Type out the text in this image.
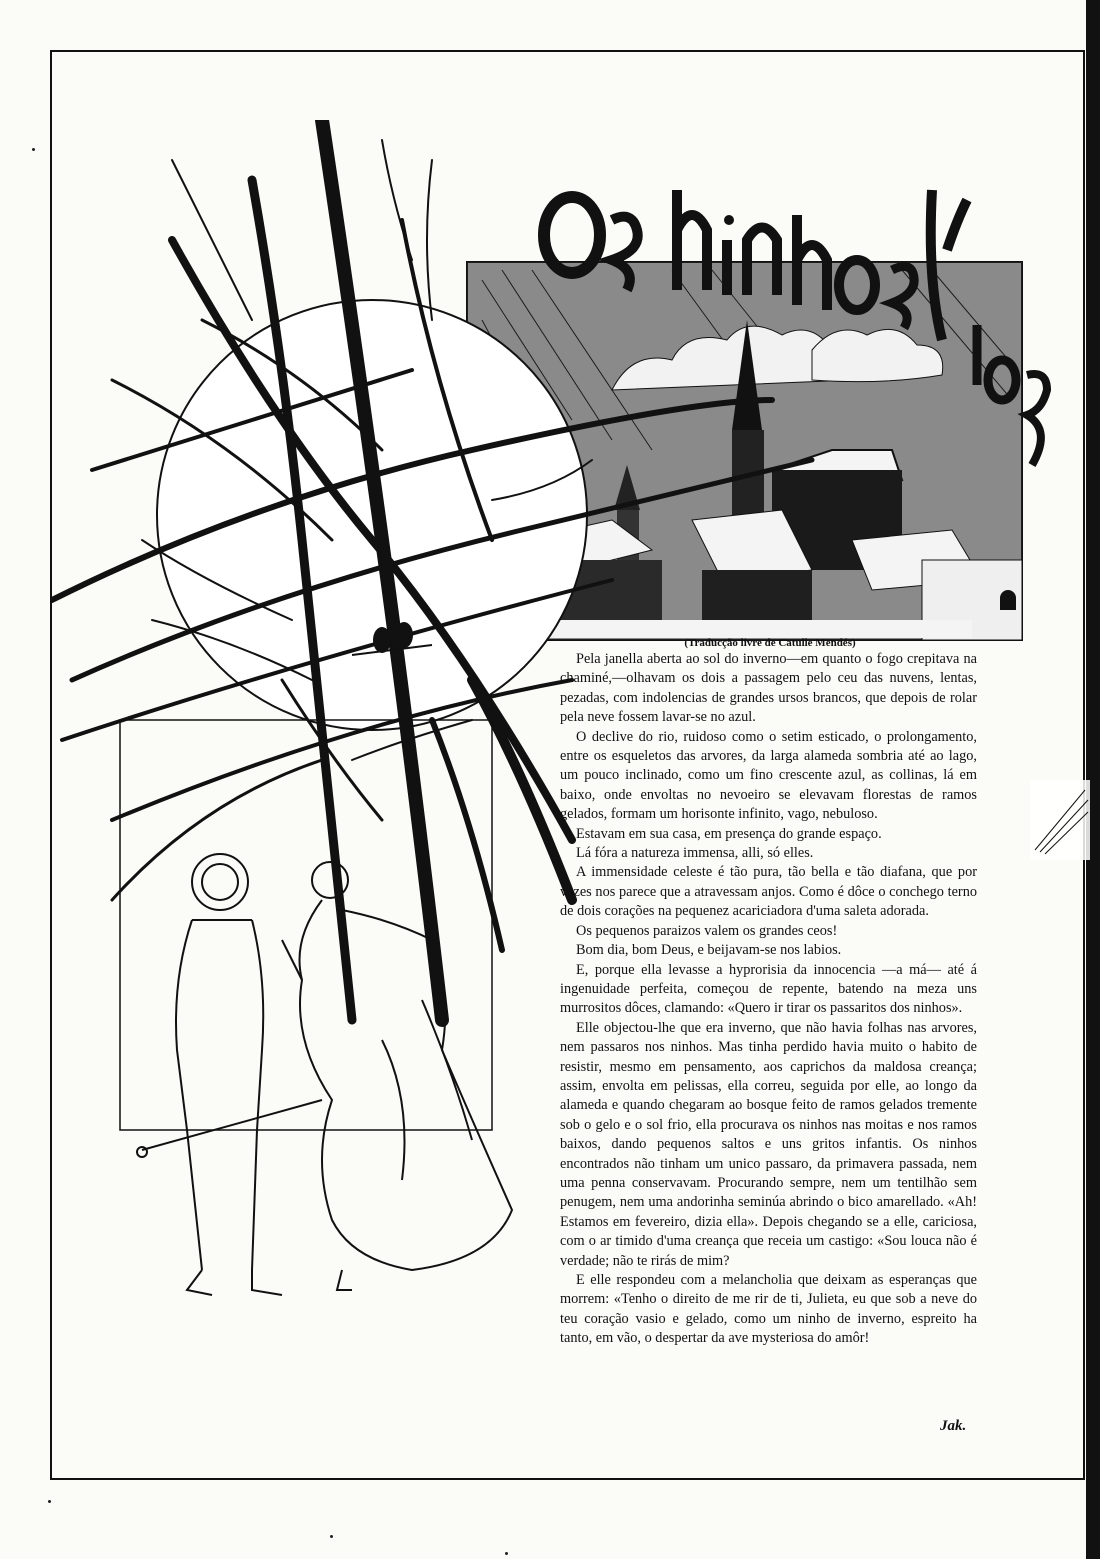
(Traducção livre de Catulle Mendés)

Pela janella aberta ao sol do inverno—em quanto o fogo crepitava na chaminé,—olhavam os dois a passagem pelo ceu das nuvens, lentas, pezadas, com indolencias de grandes ursos brancos, que depois de rolar pela neve fossem lavar-se no azul.

O declive do rio, ruidoso como o setim esticado, o prolongamento, entre os esqueletos das arvores, da larga alameda sombria até ao lago, um pouco inclinado, como um fino crescente azul, as collinas, lá em baixo, onde envoltas no nevoeiro se elevavam florestas de ramos gelados, formam um horisonte infinito, vago, nebuloso.

Estavam em sua casa, em presença do grande espaço.

Lá fóra a natureza immensa, alli, só elles.

A immensidade celeste é tão pura, tão bella e tão diafana, que por vezes nos parece que a atravessam anjos. Como é dôce o conchego terno de dois corações na pequenez acariciadora d'uma saleta adorada.

Os pequenos paraizos valem os grandes ceos!

Bom dia, bom Deus, e beijavam-se nos labios.

E, porque ella levasse a hyprorisia da innocencia —a má— até á ingenuidade perfeita, começou de repente, batendo na meza uns murrositos dôces, clamando: «Quero ir tirar os passaritos dos ninhos».

Elle objectou-lhe que era inverno, que não havia folhas nas arvores, nem passaros nos ninhos. Mas tinha perdido havia muito o habito de resistir, mesmo em pensamento, aos caprichos da maldosa creança; assim, envolta em pelissas, ella correu, seguida por elle, ao longo da alameda e quando chegaram ao bosque feito de ramos gelados tremente sob o gelo e o sol frio, ella procurava os ninhos nas moitas e nos ramos baixos, dando pequenos saltos e uns gritos infantis. Os ninhos encontrados não tinham um unico passaro, da primavera passada, nem uma penna conservavam. Procurando sempre, nem um tentilhão sem penugem, nem uma andorinha seminúa abrindo o bico amarellado. «Ah! Estamos em fevereiro, dizia ella». Depois chegando se a elle, cariciosa, com o ar timido d'uma creança que receia um castigo: «Sou louca não é verdade; não te rirás de mim?

E elle respondeu com a melancholia que deixam as esperanças que morrem: «Tenho o direito de me rir de ti, Julieta, eu que sob a neve do teu coração vasio e gelado, como um ninho de inverno, espreito ha tanto, em vão, o despertar da ave mysteriosa do amôr!

Jak.
